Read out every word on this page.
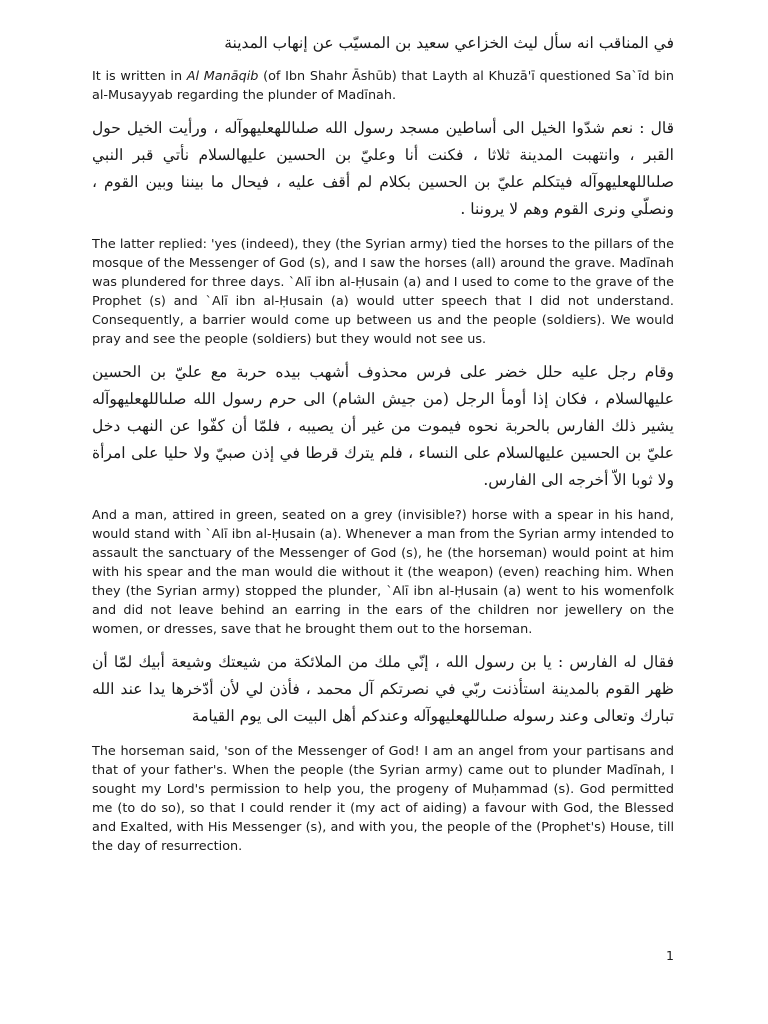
في المناقب انه سأل ليث الخزاعي سعيد بن المسيّب عن إنهاب المدينة

It is written in Al Manāqib (of Ibn Shahr Āshūb) that Layth al Khuzā'ī questioned Sa`īd bin al-Musayyab regarding the plunder of Madīnah.

قال : نعم شدّوا الخيل الى أساطين مسجد رسول الله صلىاللهعليهوآله ، ورأيت الخيل حول القبر ، وانتهبت المدينة ثلاثا ، فكنت أنا وعليّ بن الحسين عليهالسلام نأتي قبر النبي صلىاللهعليهوآله فيتكلم عليّ بن الحسين بكلام لم أقف عليه ، فيحال ما بيننا وبين القوم ، ونصلّي ونرى القوم وهم لا يروننا .

The latter replied: 'yes (indeed), they (the Syrian army) tied the horses to the pillars of the mosque of the Messenger of God (s), and I saw the horses (all) around the grave. Madīnah was plundered for three days. `Alī ibn al-Ḥusain (a) and I used to come to the grave of the Prophet (s) and `Alī ibn al-Ḥusain (a) would utter speech that I did not understand. Consequently, a barrier would come up between us and the people (soldiers). We would pray and see the people (soldiers) but they would not see us.

وقام رجل عليه حلل خضر على فرس محذوف أشهب بيده حربة مع عليّ بن الحسين عليهالسلام ، فكان إذا أومأ الرجل (من جيش الشام) الى حرم رسول الله صلىاللهعليهوآله يشير ذلك الفارس بالحربة نحوه فيموت من غير أن يصيبه ، فلمّا أن كفّوا عن النهب دخل عليّ بن الحسين عليهالسلام على النساء ، فلم يترك قرطا في إذن صبيّ ولا حليا على امرأة ولا ثوبا الاّ أخرجه الى الفارس.

And a man, attired in green, seated on a grey (invisible?) horse with a spear in his hand, would stand with `Alī ibn al-Ḥusain (a). Whenever a man from the Syrian army intended to assault the sanctuary of the Messenger of God (s), he (the horseman) would point at him with his spear and the man would die without it (the weapon) (even) reaching him. When they (the Syrian army) stopped the plunder, `Alī ibn al-Ḥusain (a) went to his womenfolk and did not leave behind an earring in the ears of the children nor jewellery on the women, or dresses, save that he brought them out to the horseman.

فقال له الفارس : يا بن رسول الله ، إنّي ملك من الملائكة من شيعتك وشيعة أبيك لمّا أن ظهر القوم بالمدينة استأذنت ربّي في نصرتكم آل محمد ، فأذن لي لأن أدّخرها يدا عند الله تبارك وتعالى وعند رسوله صلىاللهعليهوآله وعندكم أهل البيت الى يوم القيامة

The horseman said, 'son of the Messenger of God! I am an angel from your partisans and that of your father's. When the people (the Syrian army) came out to plunder Madīnah, I sought my Lord's permission to help you, the progeny of Muḥammad (s). God permitted me (to do so), so that I could render it (my act of aiding) a favour with God, the Blessed and Exalted, with His Messenger (s), and with you, the people of the (Prophet's) House, till the day of resurrection.

1
